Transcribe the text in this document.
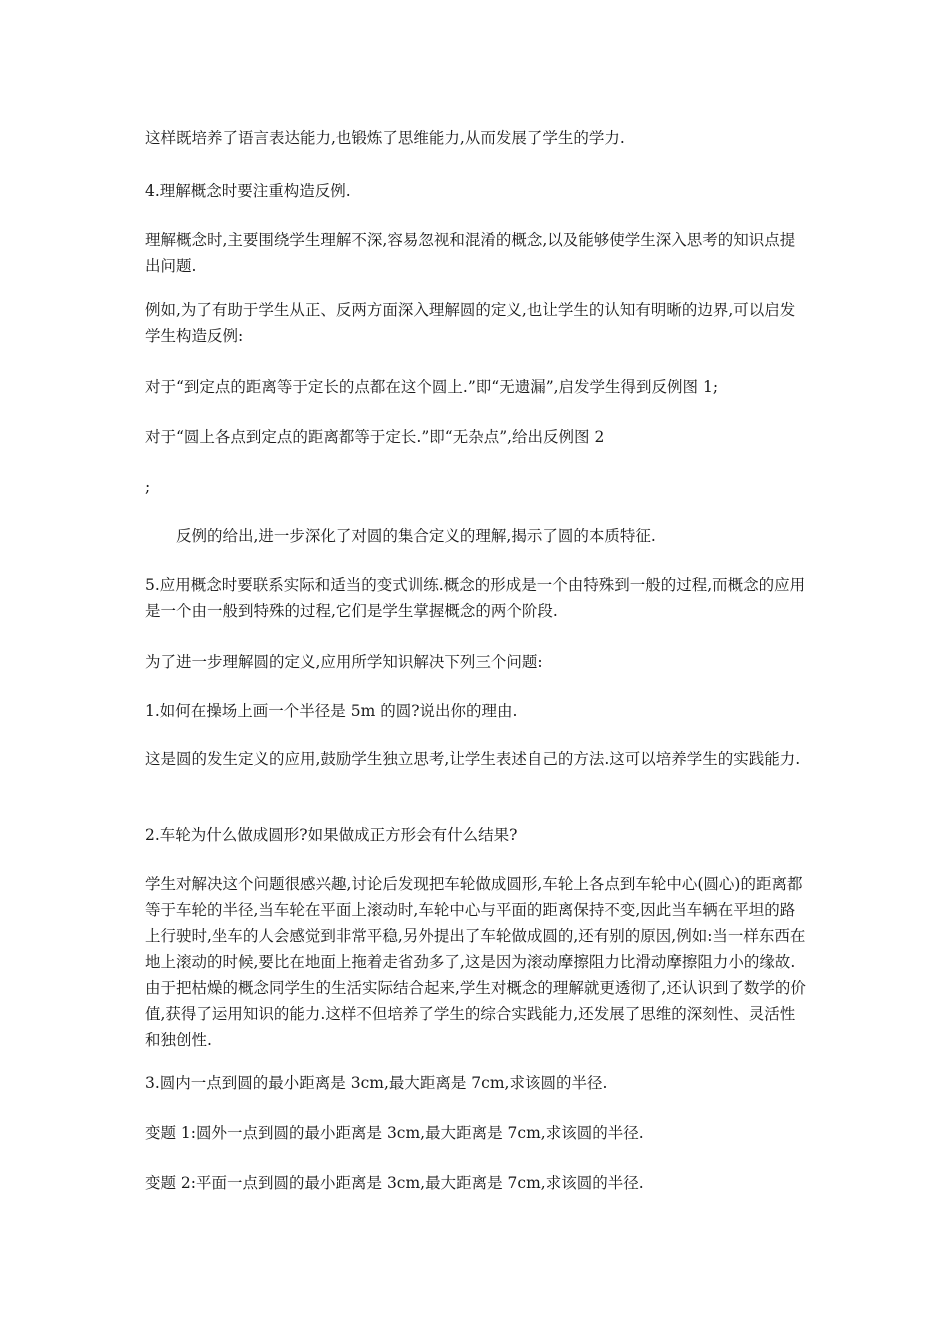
这样既培养了语言表达能力,也锻炼了思维能力,从而发展了学生的学力.

4.理解概念时要注重构造反例.

理解概念时,主要围绕学生理解不深,容易忽视和混淆的概念,以及能够使学生深入思考的知识点提出问题.

例如,为了有助于学生从正、反两方面深入理解圆的定义,也让学生的认知有明晰的边界,可以启发学生构造反例:

对于“到定点的距离等于定长的点都在这个圆上.”即“无遗漏”,启发学生得到反例图 1;

对于“圆上各点到定点的距离都等于定长.”即“无杂点”,给出反例图 2

;

反例的给出,进一步深化了对圆的集合定义的理解,揭示了圆的本质特征.

5.应用概念时要联系实际和适当的变式训练.概念的形成是一个由特殊到一般的过程,而概念的应用是一个由一般到特殊的过程,它们是学生掌握概念的两个阶段.

为了进一步理解圆的定义,应用所学知识解决下列三个问题:

1.如何在操场上画一个半径是 5m 的圆?说出你的理由.

这是圆的发生定义的应用,鼓励学生独立思考,让学生表述自己的方法.这可以培养学生的实践能力.

2.车轮为什么做成圆形?如果做成正方形会有什么结果?

学生对解决这个问题很感兴趣,讨论后发现把车轮做成圆形,车轮上各点到车轮中心(圆心)的距离都等于车轮的半径,当车轮在平面上滚动时,车轮中心与平面的距离保持不变,因此当车辆在平坦的路上行驶时,坐车的人会感觉到非常平稳,另外提出了车轮做成圆的,还有别的原因,例如:当一样东西在地上滚动的时候,要比在地面上拖着走省劲多了,这是因为滚动摩擦阻力比滑动摩擦阻力小的缘故.由于把枯燥的概念同学生的生活实际结合起来,学生对概念的理解就更透彻了,还认识到了数学的价值,获得了运用知识的能力.这样不但培养了学生的综合实践能力,还发展了思维的深刻性、灵活性和独创性.

3.圆内一点到圆的最小距离是 3cm,最大距离是 7cm,求该圆的半径.

变题 1:圆外一点到圆的最小距离是 3cm,最大距离是 7cm,求该圆的半径.

变题 2:平面一点到圆的最小距离是 3cm,最大距离是 7cm,求该圆的半径.
